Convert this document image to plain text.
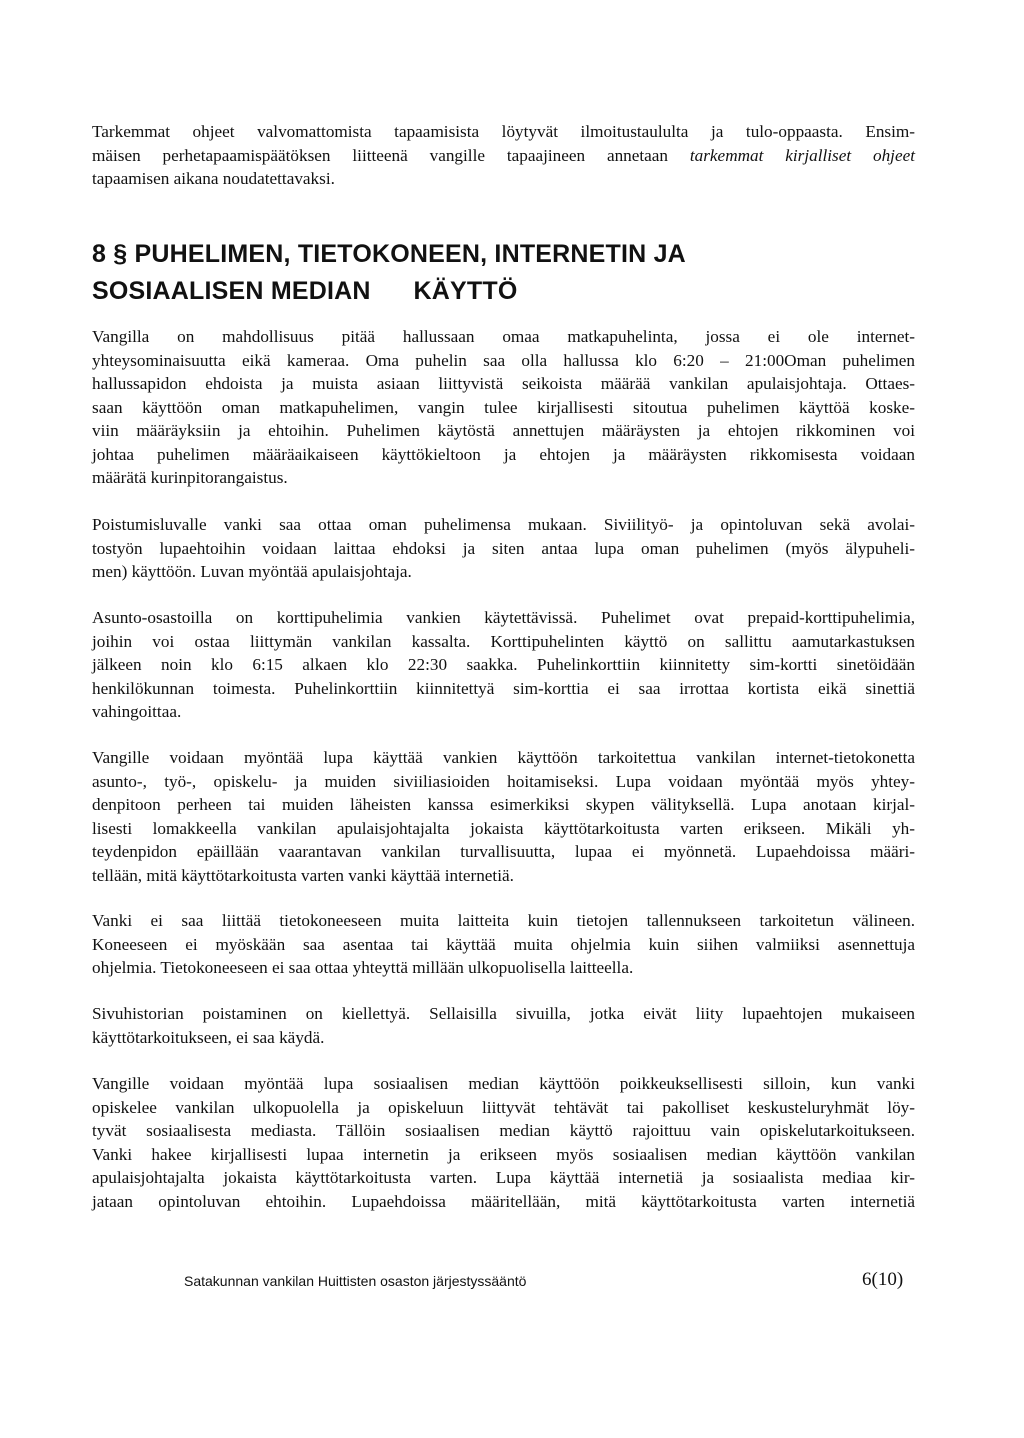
Tarkemmat ohjeet valvomattomista tapaamisista löytyvät ilmoitustaululta ja tulo-oppaasta. Ensim-
mäisen perhetapaamispäätöksen liitteenä vangille tapaajineen annetaan tarkemmat kirjalliset ohjeet
tapaamisen aikana noudatettavaksi.

8 § PUHELIMEN, TIETOKONEEN, INTERNETIN JA
SOSIAALISEN MEDIAN      KÄYTTÖ

Vangilla on mahdollisuus pitää hallussaan omaa matkapuhelinta, jossa ei ole internet-
yhteysominaisuutta eikä kameraa. Oma puhelin saa olla hallussa klo 6:20 – 21:00Oman puhelimen
hallussapidon ehdoista ja muista asiaan liittyvistä seikoista määrää vankilan apulaisjohtaja. Ottaes-
saan käyttöön oman matkapuhelimen, vangin tulee kirjallisesti sitoutua puhelimen käyttöä koske-
viin määräyksiin ja ehtoihin. Puhelimen käytöstä annettujen määräysten ja ehtojen rikkominen voi
johtaa puhelimen määräaikaiseen käyttökieltoon ja ehtojen ja määräysten rikkomisesta voidaan
määrätä kurinpitorangaistus.

Poistumisluvalle vanki saa ottaa oman puhelimensa mukaan. Siviilityö- ja opintoluvan sekä avolai-
tostyön lupaehtoihin voidaan laittaa ehdoksi ja siten antaa lupa oman puhelimen (myös älypuheli-
men) käyttöön. Luvan myöntää apulaisjohtaja.

Asunto-osastoilla on korttipuhelimia vankien käytettävissä. Puhelimet ovat prepaid-korttipuhelimia,
joihin voi ostaa liittymän vankilan kassalta. Korttipuhelinten käyttö on sallittu aamutarkastuksen
jälkeen noin klo 6:15 alkaen klo 22:30 saakka. Puhelinkorttiin kiinnitetty sim-kortti sinetöidään
henkilökunnan toimesta. Puhelinkorttiin kiinnitettyä sim-korttia ei saa irrottaa kortista eikä sinettiä
vahingoittaa.

Vangille voidaan myöntää lupa käyttää vankien käyttöön tarkoitettua vankilan internet-tietokonetta
asunto-, työ-, opiskelu- ja muiden siviiliasioiden hoitamiseksi. Lupa voidaan myöntää myös yhtey-
denpitoon perheen tai muiden läheisten kanssa esimerkiksi skypen välityksellä. Lupa anotaan kirjal-
lisesti lomakkeella vankilan apulaisjohtajalta jokaista käyttötarkoitusta varten erikseen. Mikäli yh-
teydenpidon epäillään vaarantavan vankilan turvallisuutta, lupaa ei myönnetä. Lupaehdoissa määri-
tellään, mitä käyttötarkoitusta varten vanki käyttää internetiä.

Vanki ei saa liittää tietokoneeseen muita laitteita kuin tietojen tallennukseen tarkoitetun välineen.
Koneeseen ei myöskään saa asentaa tai käyttää muita ohjelmia kuin siihen valmiiksi asennettuja
ohjelmia. Tietokoneeseen ei saa ottaa yhteyttä millään ulkopuolisella laitteella.

Sivuhistorian poistaminen on kiellettyä. Sellaisilla sivuilla, jotka eivät liity lupaehtojen mukaiseen
käyttötarkoitukseen, ei saa käydä.

Vangille voidaan myöntää lupa sosiaalisen median käyttöön poikkeuksellisesti silloin, kun vanki
opiskelee vankilan ulkopuolella ja opiskeluun liittyvät tehtävät tai pakolliset keskusteluryhmät löy-
tyvät sosiaalisesta mediasta. Tällöin sosiaalisen median käyttö rajoittuu vain opiskelutarkoitukseen.
Vanki hakee kirjallisesti lupaa internetin ja erikseen myös sosiaalisen median käyttöön vankilan
apulaisjohtajalta jokaista käyttötarkoitusta varten. Lupa käyttää internetiä ja sosiaalista mediaa kir-
jataan opintoluvan ehtoihin. Lupaehdoissa määritellään, mitä käyttötarkoitusta varten internetiä

Satakunnan vankilan Huittisten osaston järjestyssääntö	6(10)
